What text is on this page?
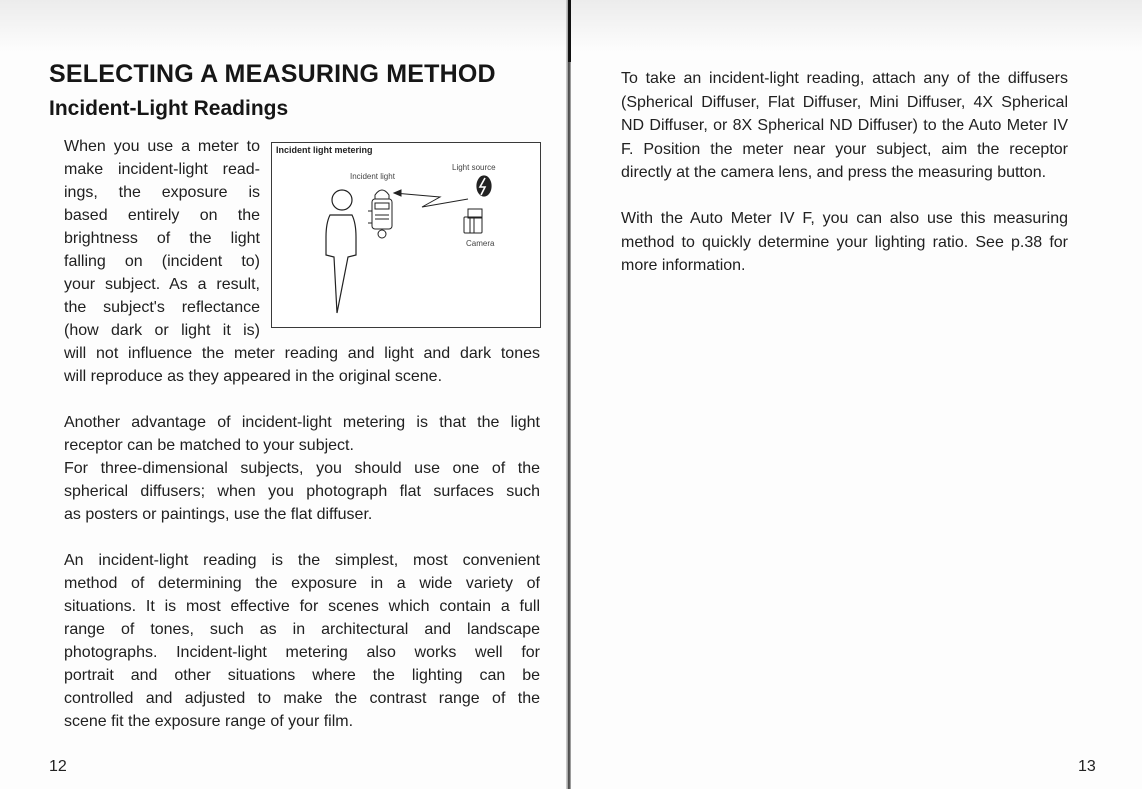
SELECTING A MEASURING METHOD
Incident-Light Readings
When you use a meter to
make incident-light read-
ings, the exposure is
based entirely on the
brightness of the light
falling on (incident to)
your subject. As a result,
the subject's reflectance
(how dark or light it is)
will not influence the meter reading and light and dark tones
will reproduce as they appeared in the original scene.
Another advantage of incident-light metering is that the light
receptor can be matched to your subject.
For three-dimensional subjects, you should use one of the
spherical diffusers; when you photograph flat surfaces such
as posters or paintings, use the flat diffuser.
An incident-light reading is the simplest, most convenient
method of determining the exposure in a wide variety of
situations. It is most effective for scenes which contain a full
range of tones, such as in architectural and landscape
photographs. Incident-light metering also works well for
portrait and other situations where the lighting can be
controlled and adjusted to make the contrast range of the
scene fit the exposure range of your film.
Incident light metering
Incident light
Light source
Camera
12
To take an incident-light reading, attach any of the diffusers
(Spherical Diffuser, Flat Diffuser, Mini Diffuser, 4X Spherical
ND Diffuser, or 8X Spherical ND Diffuser) to the Auto Meter IV
F. Position the meter near your subject, aim the receptor
directly at the camera lens, and press the measuring button.
With the Auto Meter IV F, you can also use this measuring
method to quickly determine your lighting ratio. See p.38 for
more information.
13
